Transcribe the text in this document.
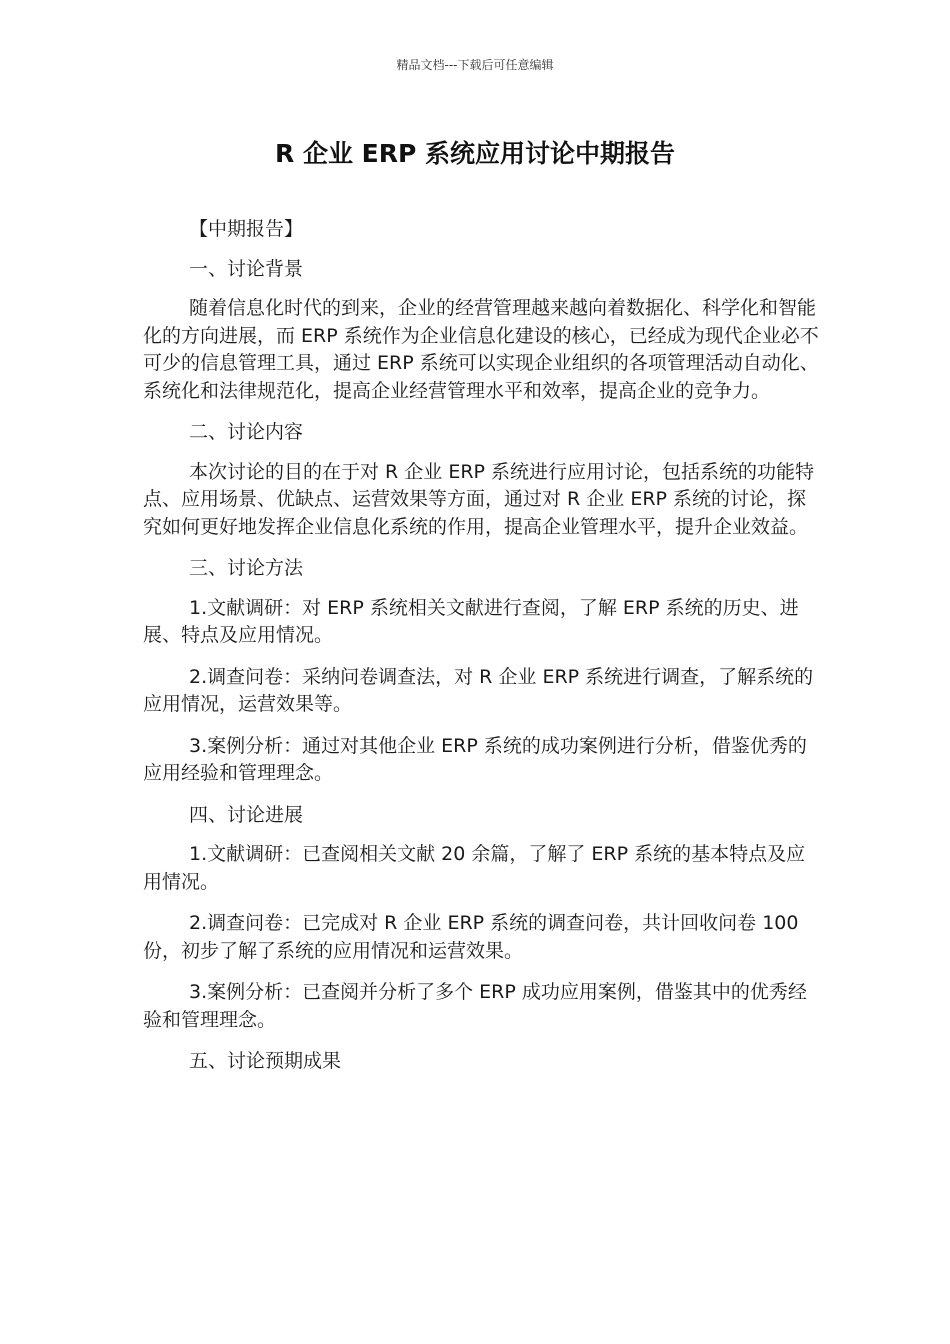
精品文档---下载后可任意编辑
R 企业 ERP 系统应用讨论中期报告

【中期报告】

一、讨论背景

随着信息化时代的到来，企业的经营管理越来越向着数据化、科学化和智能化的方向进展，而 ERP 系统作为企业信息化建设的核心，已经成为现代企业必不可少的信息管理工具，通过 ERP 系统可以实现企业组织的各项管理活动自动化、系统化和法律规范化，提高企业经营管理水平和效率，提高企业的竞争力。

二、讨论内容

本次讨论的目的在于对 R 企业 ERP 系统进行应用讨论，包括系统的功能特点、应用场景、优缺点、运营效果等方面，通过对 R 企业 ERP 系统的讨论，探究如何更好地发挥企业信息化系统的作用，提高企业管理水平，提升企业效益。

三、讨论方法

1.文献调研：对 ERP 系统相关文献进行查阅，了解 ERP 系统的历史、进展、特点及应用情况。

2.调查问卷：采纳问卷调查法，对 R 企业 ERP 系统进行调查，了解系统的应用情况，运营效果等。

3.案例分析：通过对其他企业 ERP 系统的成功案例进行分析，借鉴优秀的应用经验和管理理念。

四、讨论进展

1.文献调研：已查阅相关文献 20 余篇，了解了 ERP 系统的基本特点及应用情况。

2.调查问卷：已完成对 R 企业 ERP 系统的调查问卷，共计回收问卷 100 份，初步了解了系统的应用情况和运营效果。

3.案例分析：已查阅并分析了多个 ERP 成功应用案例，借鉴其中的优秀经验和管理理念。

五、讨论预期成果
